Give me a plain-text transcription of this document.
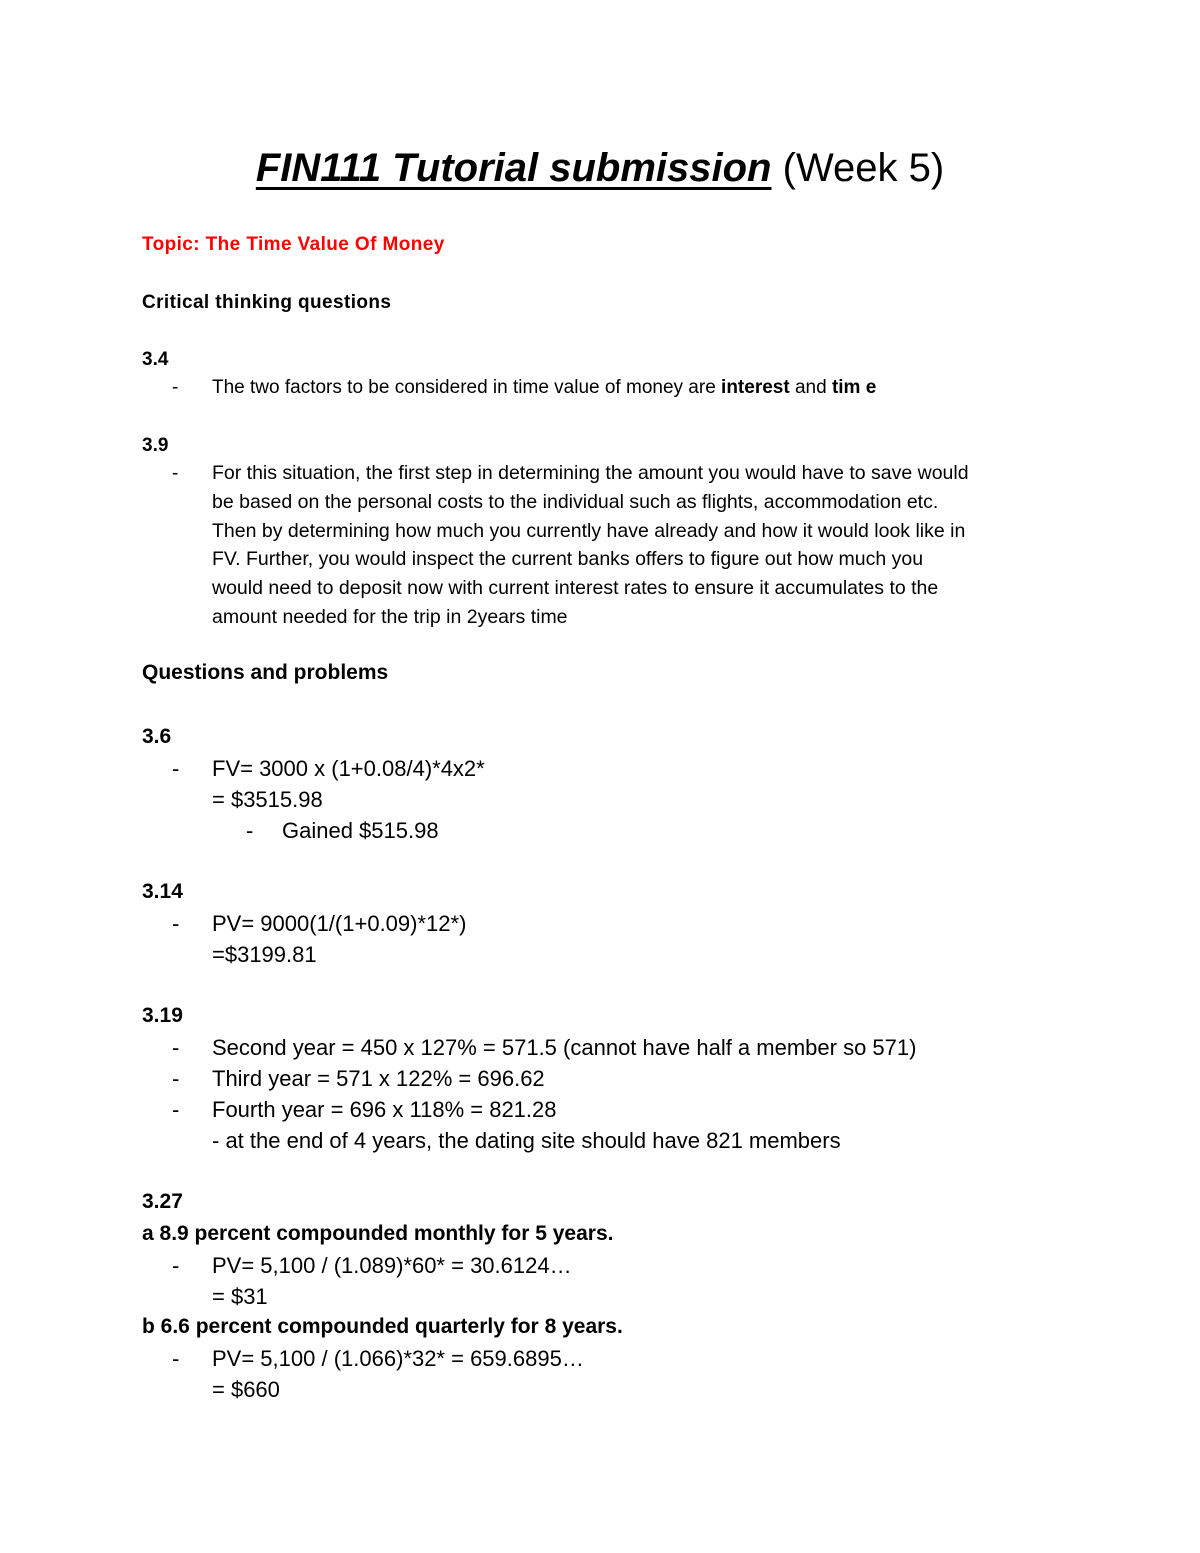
FIN111 Tutorial submission (Week 5)
Topic: The Time Value Of Money
Critical thinking questions
3.4
- The two factors to be considered in time value of money are interest and tim e
3.9
- For this situation, the first step in determining the amount you would have to save would
be based on the personal costs to the individual such as flights, accommodation etc.
Then by determining how much you currently have already and how it would look like in
FV. Further, you would inspect the current banks offers to figure out how much you
would need to deposit now with current interest rates to ensure it accumulates to the
amount needed for the trip in 2years time
Questions and problems
3.6
- FV= 3000 x (1+0.08/4)*4x2*
= $3515.98
- Gained $515.98
3.14
- PV= 9000(1/(1+0.09)*12*)
=$3199.81
3.19
- Second year = 450 x 127% = 571.5 (cannot have half a member so 571)
- Third year = 571 x 122% = 696.62
- Fourth year = 696 x 118% = 821.28
- at the end of 4 years, the dating site should have 821 members
3.27
a 8.9 percent compounded monthly for 5 years.
- PV= 5,100 / (1.089)*60* = 30.6124…
= $31
b 6.6 percent compounded quarterly for 8 years.
- PV= 5,100 / (1.066)*32* = 659.6895…
= $660
